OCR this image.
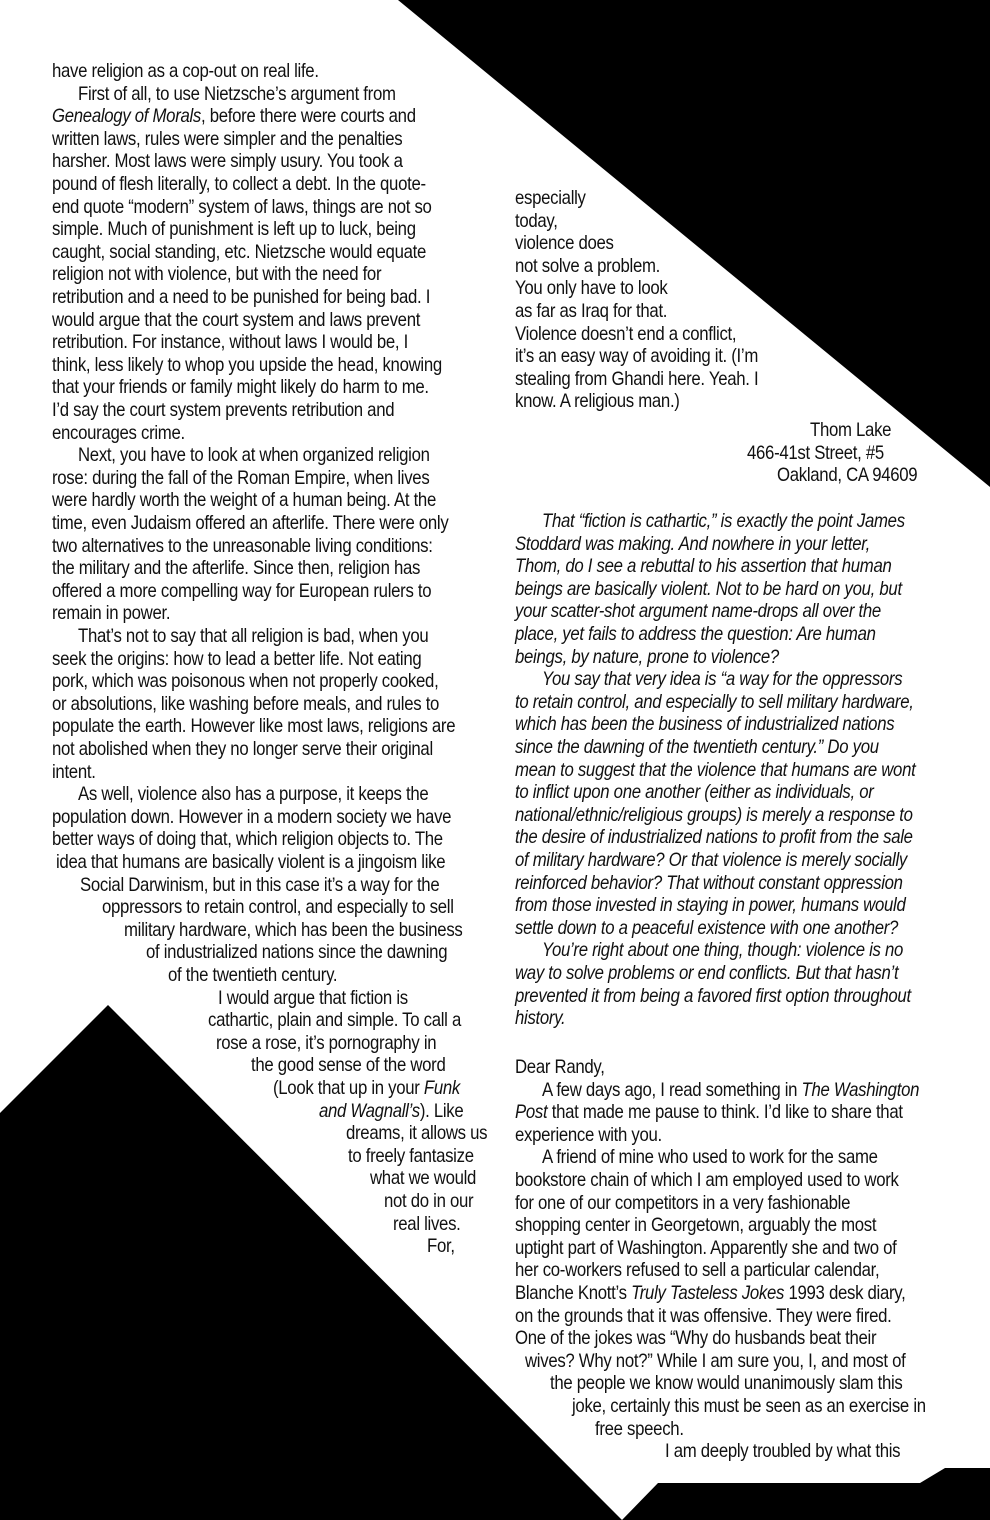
have religion as a cop-out on real life.
First of all, to use Nietzsche’s argument from
Genealogy of Morals, before there were courts and
written laws, rules were simpler and the penalties
harsher. Most laws were simply usury. You took a
pound of flesh literally, to collect a debt. In the quote-
end quote “modern” system of laws, things are not so
simple. Much of punishment is left up to luck, being
caught, social standing, etc. Nietzsche would equate
religion not with violence, but with the need for
retribution and a need to be punished for being bad. I
would argue that the court system and laws prevent
retribution. For instance, without laws I would be, I
think, less likely to whop you upside the head, knowing
that your friends or family might likely do harm to me.
I’d say the court system prevents retribution and
encourages crime.
Next, you have to look at when organized religion
rose: during the fall of the Roman Empire, when lives
were hardly worth the weight of a human being. At the
time, even Judaism offered an afterlife. There were only
two alternatives to the unreasonable living conditions:
the military and the afterlife. Since then, religion has
offered a more compelling way for European rulers to
remain in power.
That’s not to say that all religion is bad, when you
seek the origins: how to lead a better life. Not eating
pork, which was poisonous when not properly cooked,
or absolutions, like washing before meals, and rules to
populate the earth. However like most laws, religions are
not abolished when they no longer serve their original
intent.
As well, violence also has a purpose, it keeps the
population down. However in a modern society we have
better ways of doing that, which religion objects to. The
idea that humans are basically violent is a jingoism like
Social Darwinism, but in this case it’s a way for the
oppressors to retain control, and especially to sell
military hardware, which has been the business
of industrialized nations since the dawning
of the twentieth century.
I would argue that fiction is
cathartic, plain and simple. To call a
rose a rose, it’s pornography in
the good sense of the word
(Look that up in your Funk
and Wagnall’s). Like
dreams, it allows us
to freely fantasize
what we would
not do in our
real lives.
For,
especially
today,
violence does
not solve a problem.
You only have to look
as far as Iraq for that.
Violence doesn’t end a conflict,
it’s an easy way of avoiding it. (I’m
stealing from Ghandi here. Yeah. I
know. A religious man.)
Thom Lake
466-41st Street, #5
Oakland, CA 94609
That “fiction is cathartic,” is exactly the point James
Stoddard was making. And nowhere in your letter,
Thom, do I see a rebuttal to his assertion that human
beings are basically violent. Not to be hard on you, but
your scatter-shot argument name-drops all over the
place, yet fails to address the question: Are human
beings, by nature, prone to violence?
You say that very idea is “a way for the oppressors
to retain control, and especially to sell military hardware,
which has been the business of industrialized nations
since the dawning of the twentieth century.” Do you
mean to suggest that the violence that humans are wont
to inflict upon one another (either as individuals, or
national/ethnic/religious groups) is merely a response to
the desire of industrialized nations to profit from the sale
of military hardware? Or that violence is merely socially
reinforced behavior? That without constant oppression
from those invested in staying in power, humans would
settle down to a peaceful existence with one another?
You’re right about one thing, though: violence is no
way to solve problems or end conflicts. But that hasn’t
prevented it from being a favored first option throughout
history.
Dear Randy,
A few days ago, I read something in The Washington
Post that made me pause to think. I’d like to share that
experience with you.
A friend of mine who used to work for the same
bookstore chain of which I am employed used to work
for one of our competitors in a very fashionable
shopping center in Georgetown, arguably the most
uptight part of Washington. Apparently she and two of
her co-workers refused to sell a particular calendar,
Blanche Knott’s Truly Tasteless Jokes 1993 desk diary,
on the grounds that it was offensive. They were fired.
One of the jokes was “Why do husbands beat their
wives? Why not?” While I am sure you, I, and most of
the people we know would unanimously slam this
joke, certainly this must be seen as an exercise in
free speech.
I am deeply troubled by what this
